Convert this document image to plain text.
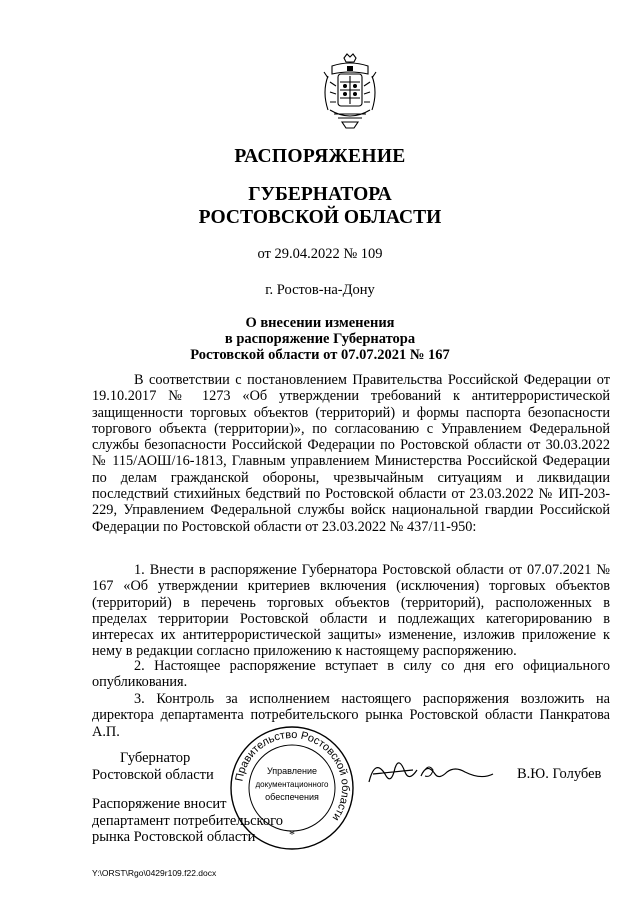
РАСПОРЯЖЕНИЕ
ГУБЕРНАТОРА
РОСТОВСКОЙ ОБЛАСТИ
от 29.04.2022 № 109
г. Ростов-на-Дону
О внесении изменения
в распоряжение Губернатора
Ростовской области от 07.07.2021 № 167

В соответствии с постановлением Правительства Российской Федерации от 19.10.2017 № 1273 «Об утверждении требований к антитеррористической защищенности торговых объектов (территорий) и формы паспорта безопасности торгового объекта (территории)», по согласованию с Управлением Федеральной службы безопасности Российской Федерации по Ростовской области от 30.03.2022 № 115/АОШ/16-1813, Главным управлением Министерства Российской Федерации по делам гражданской обороны, чрезвычайным ситуациям и ликвидации последствий стихийных бедствий по Ростовской области от 23.03.2022 № ИП-203-229, Управлением Федеральной службы войск национальной гвардии Российской Федерации по Ростовской области от 23.03.2022 № 437/11-950:

1. Внести в распоряжение Губернатора Ростовской области от 07.07.2021 № 167 «Об утверждении критериев включения (исключения) торговых объектов (территорий) в перечень торговых объектов (территорий), расположенных в пределах территории Ростовской области и подлежащих категорированию в интересах их антитеррористической защиты» изменение, изложив приложение к нему в редакции согласно приложению к настоящему распоряжению.

2. Настоящее распоряжение вступает в силу со дня его официального опубликования.

3. Контроль за исполнением настоящего распоряжения возложить на директора департамента потребительского рынка Ростовской области Панкратова А.П.

Губернатор
Ростовской области
Распоряжение вносит
департамент потребительского
рынка Ростовской области
Правительство Ростовской области
Управление
документационного
обеспечения
*
В.Ю. Голубев
Y:\ORST\Rgo\0429r109.f22.docx
